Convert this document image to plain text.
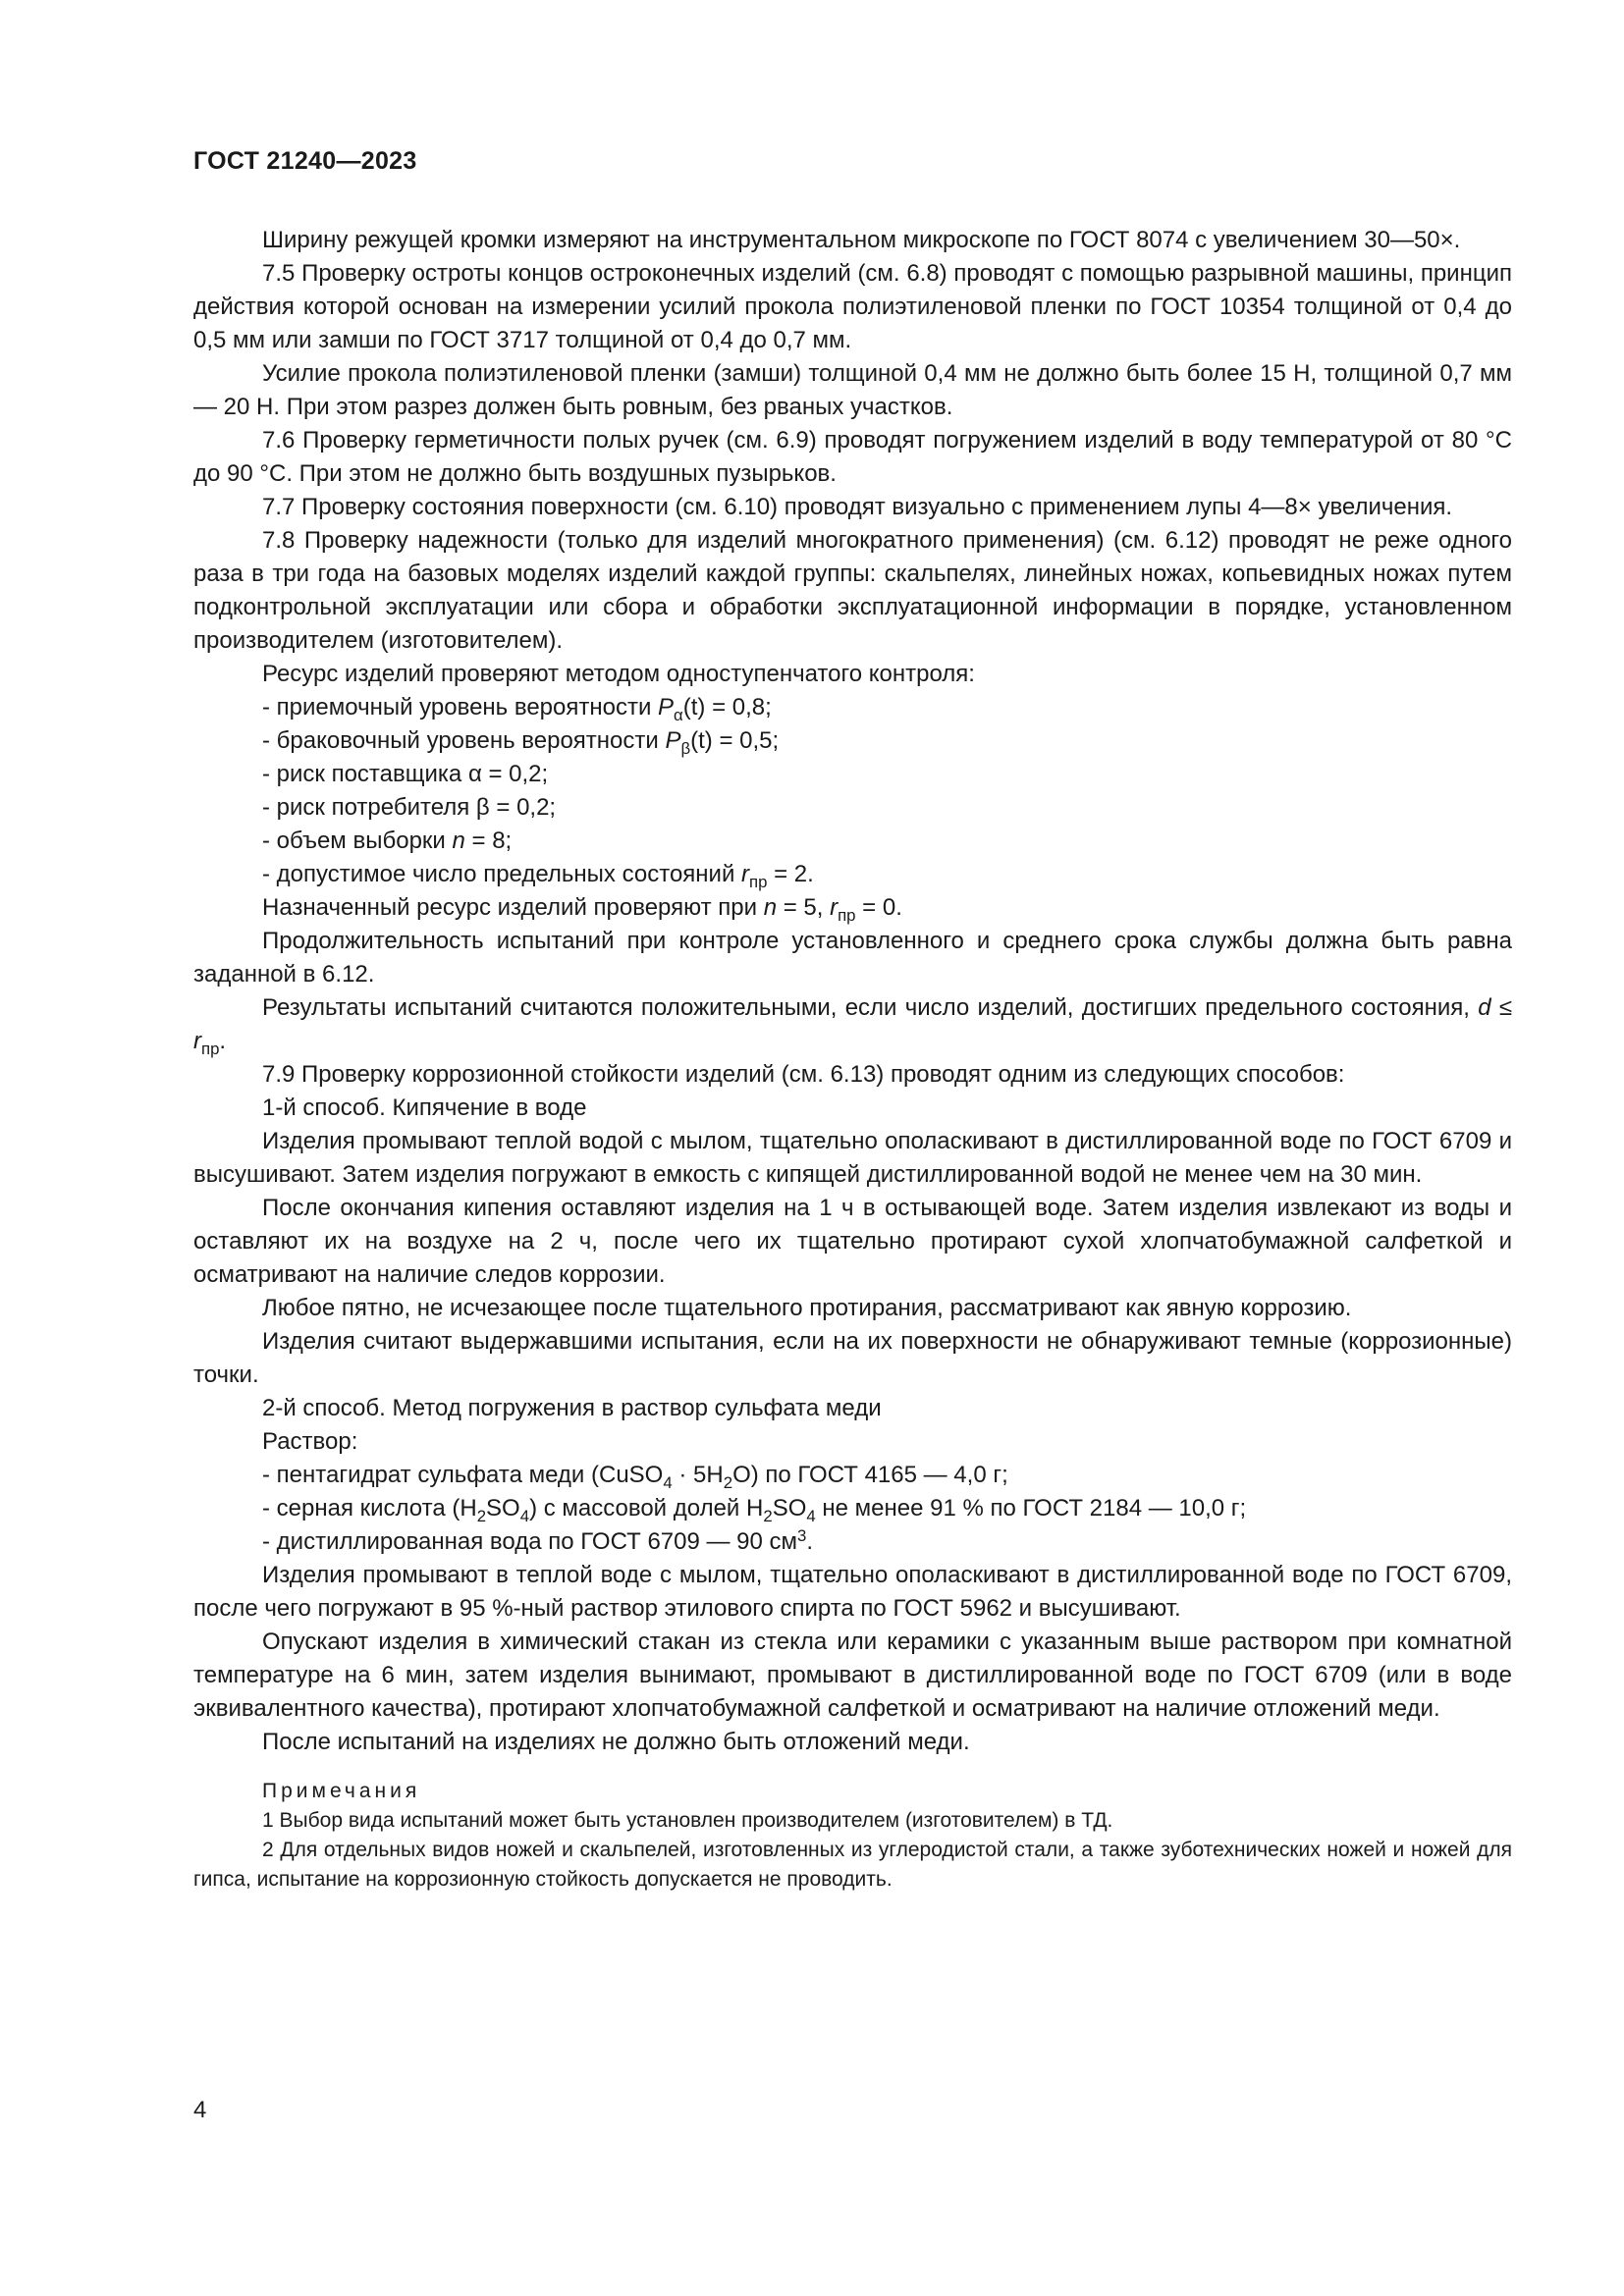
ГОСТ 21240—2023

Ширину режущей кромки измеряют на инструментальном микроскопе по ГОСТ 8074 с увеличением 30—50×.

7.5 Проверку остроты концов остроконечных изделий (см. 6.8) проводят с помощью разрывной машины, принцип действия которой основан на измерении усилий прокола полиэтиленовой пленки по ГОСТ 10354 толщиной от 0,4 до 0,5 мм или замши по ГОСТ 3717 толщиной от 0,4 до 0,7 мм.

Усилие прокола полиэтиленовой пленки (замши) толщиной 0,4 мм не должно быть более 15 Н, толщиной 0,7 мм — 20 Н. При этом разрез должен быть ровным, без рваных участков.

7.6 Проверку герметичности полых ручек (см. 6.9) проводят погружением изделий в воду температурой от 80 °С до 90 °С. При этом не должно быть воздушных пузырьков.

7.7 Проверку состояния поверхности (см. 6.10) проводят визуально с применением лупы 4—8× увеличения.

7.8 Проверку надежности (только для изделий многократного применения) (см. 6.12) проводят не реже одного раза в три года на базовых моделях изделий каждой группы: скальпелях, линейных ножах, копьевидных ножах путем подконтрольной эксплуатации или сбора и обработки эксплуатационной информации в порядке, установленном производителем (изготовителем).

Ресурс изделий проверяют методом одноступенчатого контроля:

- приемочный уровень вероятности $P_\alpha(t) = 0,8$;

- браковочный уровень вероятности $P_\beta(t) = 0,5$;

- риск поставщика α = 0,2;

- риск потребителя β = 0,2;

- объем выборки n = 8;

- допустимое число предельных состояний $r_{пр} = 2$.

Назначенный ресурс изделий проверяют при n = 5, $r_{пр} = 0$.

Продолжительность испытаний при контроле установленного и среднего срока службы должна быть равна заданной в 6.12.

Результаты испытаний считаются положительными, если число изделий, достигших предельного состояния, $d \le r_{пр}$.

7.9 Проверку коррозионной стойкости изделий (см. 6.13) проводят одним из следующих способов:

1-й способ. Кипячение в воде

Изделия промывают теплой водой с мылом, тщательно ополаскивают в дистиллированной воде по ГОСТ 6709 и высушивают. Затем изделия погружают в емкость с кипящей дистиллированной водой не менее чем на 30 мин.

После окончания кипения оставляют изделия на 1 ч в остывающей воде. Затем изделия извлекают из воды и оставляют их на воздухе на 2 ч, после чего их тщательно протирают сухой хлопчатобумажной салфеткой и осматривают на наличие следов коррозии.

Любое пятно, не исчезающее после тщательного протирания, рассматривают как явную коррозию.

Изделия считают выдержавшими испытания, если на их поверхности не обнаруживают темные (коррозионные) точки.

2-й способ. Метод погружения в раствор сульфата меди

Раствор:

- пентагидрат сульфата меди (CuSO$_4$ · $5H_2O$) по ГОСТ 4165 — 4,0 г;

- серная кислота $(H_2SO_4)$ с массовой долей $H_2SO_4$ не менее 91 % по ГОСТ 2184 — 10,0 г;

- дистиллированная вода по ГОСТ 6709 — 90 $см^3$.

Изделия промывают в теплой воде с мылом, тщательно ополаскивают в дистиллированной воде по ГОСТ 6709, после чего погружают в 95 %-ный раствор этилового спирта по ГОСТ 5962 и высушивают.

Опускают изделия в химический стакан из стекла или керамики с указанным выше раствором при комнатной температуре на 6 мин, затем изделия вынимают, промывают в дистиллированной воде по ГОСТ 6709 (или в воде эквивалентного качества), протирают хлопчатобумажной салфеткой и осматривают на наличие отложений меди.

После испытаний на изделиях не должно быть отложений меди.

Примечания

1 Выбор вида испытаний может быть установлен производителем (изготовителем) в ТД.

2 Для отдельных видов ножей и скальпелей, изготовленных из углеродистой стали, а также зуботехнических ножей и ножей для гипса, испытание на коррозионную стойкость допускается не проводить.

4
